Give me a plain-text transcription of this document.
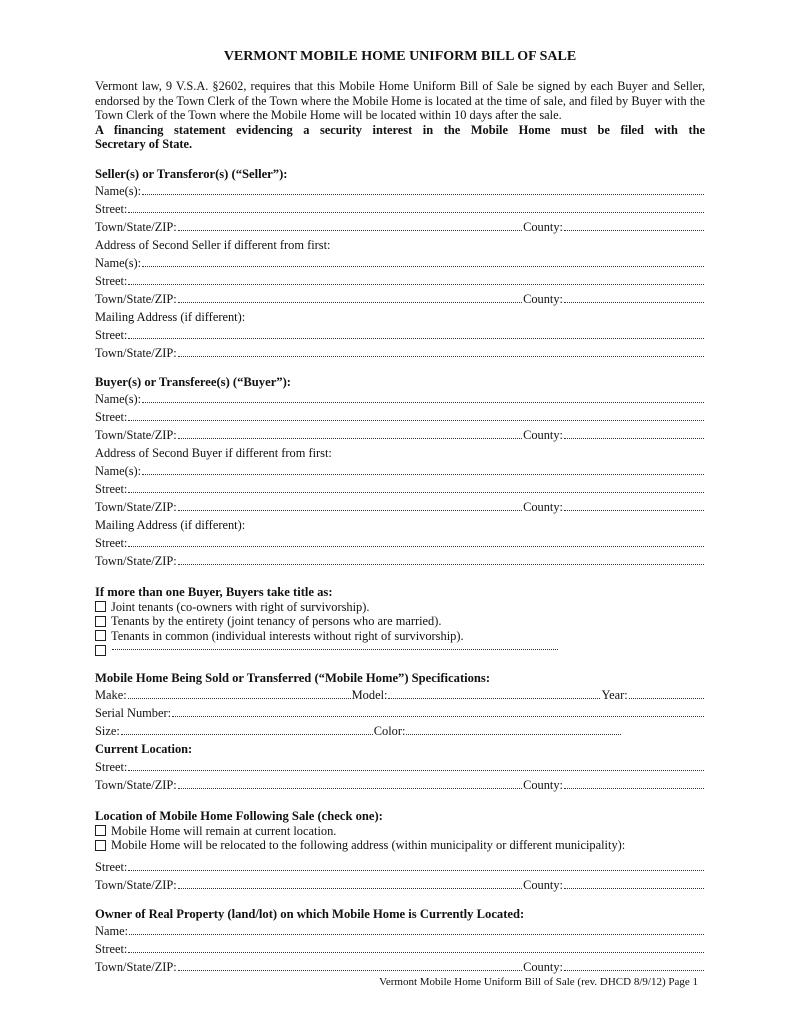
VERMONT MOBILE HOME UNIFORM BILL OF SALE
Vermont law, 9 V.S.A. §2602, requires that this Mobile Home Uniform Bill of Sale be signed by each Buyer and Seller, endorsed by the Town Clerk of the Town where the Mobile Home is located at the time of sale, and filed by Buyer with the Town Clerk of the Town where the Mobile Home will be located within 10 days after the sale.
A financing statement evidencing a security interest in the Mobile Home must be filed with the
Secretary of State.
Seller(s) or Transferor(s) (“Seller”):
Name(s):
Street:
Town/State/ZIP:	County:
Address of Second Seller if different from first:
Name(s):
Street:
Town/State/ZIP:	County:
Mailing Address (if different):
Street:
Town/State/ZIP:
Buyer(s) or Transferee(s) (“Buyer”):
Name(s):
Street:
Town/State/ZIP:	County:
Address of Second Buyer if different from first:
Name(s):
Street:
Town/State/ZIP:	County:
Mailing Address (if different):
Street:
Town/State/ZIP:
If more than one Buyer, Buyers take title as:
Joint tenants (co-owners with right of survivorship).
Tenants by the entirety (joint tenancy of persons who are married).
Tenants in common (individual interests without right of survivorship).
Mobile Home Being Sold or Transferred (“Mobile Home”) Specifications:
Make:	Model:	Year:
Serial Number:
Size:	Color:
Current Location:
Street:
Town/State/ZIP:	County:
Location of Mobile Home Following Sale (check one):
Mobile Home will remain at current location.
Mobile Home will be relocated to the following address (within municipality or different municipality):
Street:
Town/State/ZIP:	County:
Owner of Real Property (land/lot) on which Mobile Home is Currently Located:
Name:
Street:
Town/State/ZIP:	County:
Vermont Mobile Home Uniform Bill of Sale (rev. DHCD 8/9/12) Page 1
